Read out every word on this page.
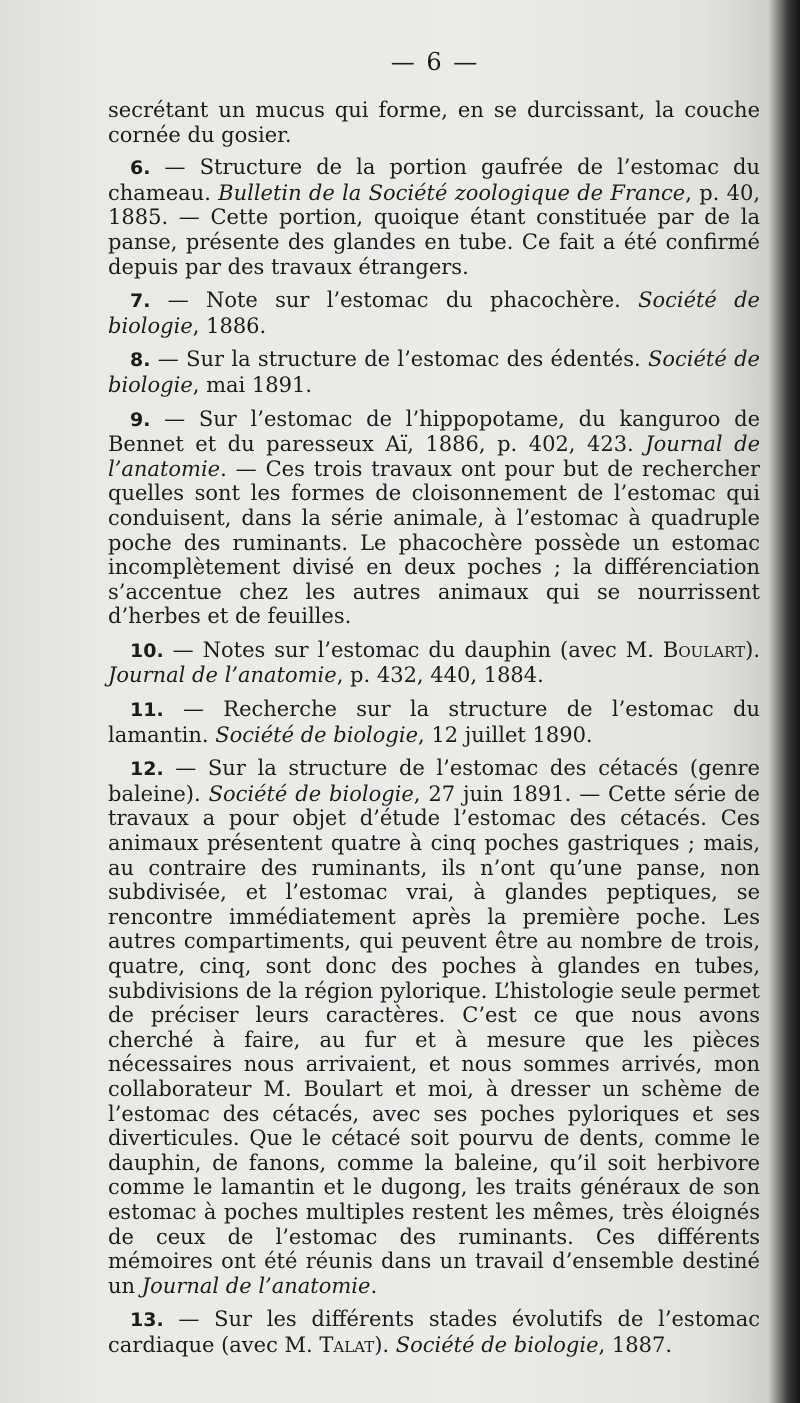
— 6 —

secrétant un mucus qui forme, en se durcissant, la couche cornée du gosier.

6. — Structure de la portion gaufrée de l’estomac du chameau. Bulletin de la Société zoologique de France, p. 40, 1885. — Cette portion, quoique étant constituée par de la panse, présente des glandes en tube. Ce fait a été confirmé depuis par des travaux étrangers.

7. — Note sur l’estomac du phacochère. Société de biologie, 1886.

8. — Sur la structure de l’estomac des édentés. Société de biologie, mai 1891.

9. — Sur l’estomac de l’hippopotame, du kanguroo de Bennet et du paresseux Aï, 1886, p. 402, 423. Journal de l’anatomie. — Ces trois travaux ont pour but de rechercher quelles sont les formes de cloisonnement de l’estomac qui conduisent, dans la série animale, à l’estomac à quadruple poche des ruminants. Le phacochère possède un estomac incomplètement divisé en deux poches ; la différenciation s’accentue chez les autres animaux qui se nourrissent d’herbes et de feuilles.

10. — Notes sur l’estomac du dauphin (avec M. Boulart). Journal de l’anatomie, p. 432, 440, 1884.

11. — Recherche sur la structure de l’estomac du lamantin. Société de biologie, 12 juillet 1890.

12. — Sur la structure de l’estomac des cétacés (genre baleine). Société de biologie, 27 juin 1891. — Cette série de travaux a pour objet d’étude l’estomac des cétacés. Ces animaux présentent quatre à cinq poches gastriques ; mais, au contraire des ruminants, ils n’ont qu’une panse, non subdivisée, et l’estomac vrai, à glandes peptiques, se rencontre immédiatement après la première poche. Les autres compartiments, qui peuvent être au nombre de trois, quatre, cinq, sont donc des poches à glandes en tubes, subdivisions de la région pylorique. L’histologie seule permet de préciser leurs caractères. C’est ce que nous avons cherché à faire, au fur et à mesure que les pièces nécessaires nous arrivaient, et nous sommes arrivés, mon collaborateur M. Boulart et moi, à dresser un schème de l’estomac des cétacés, avec ses poches pyloriques et ses diverticules. Que le cétacé soit pourvu de dents, comme le dauphin, de fanons, comme la baleine, qu’il soit herbivore comme le lamantin et le dugong, les traits généraux de son estomac à poches multiples restent les mêmes, très éloignés de ceux de l’estomac des ruminants. Ces différents mémoires ont été réunis dans un travail d’ensemble destiné un Journal de l’anatomie.

13. — Sur les différents stades évolutifs de l’estomac cardiaque (avec M. Talat). Société de biologie, 1887.
